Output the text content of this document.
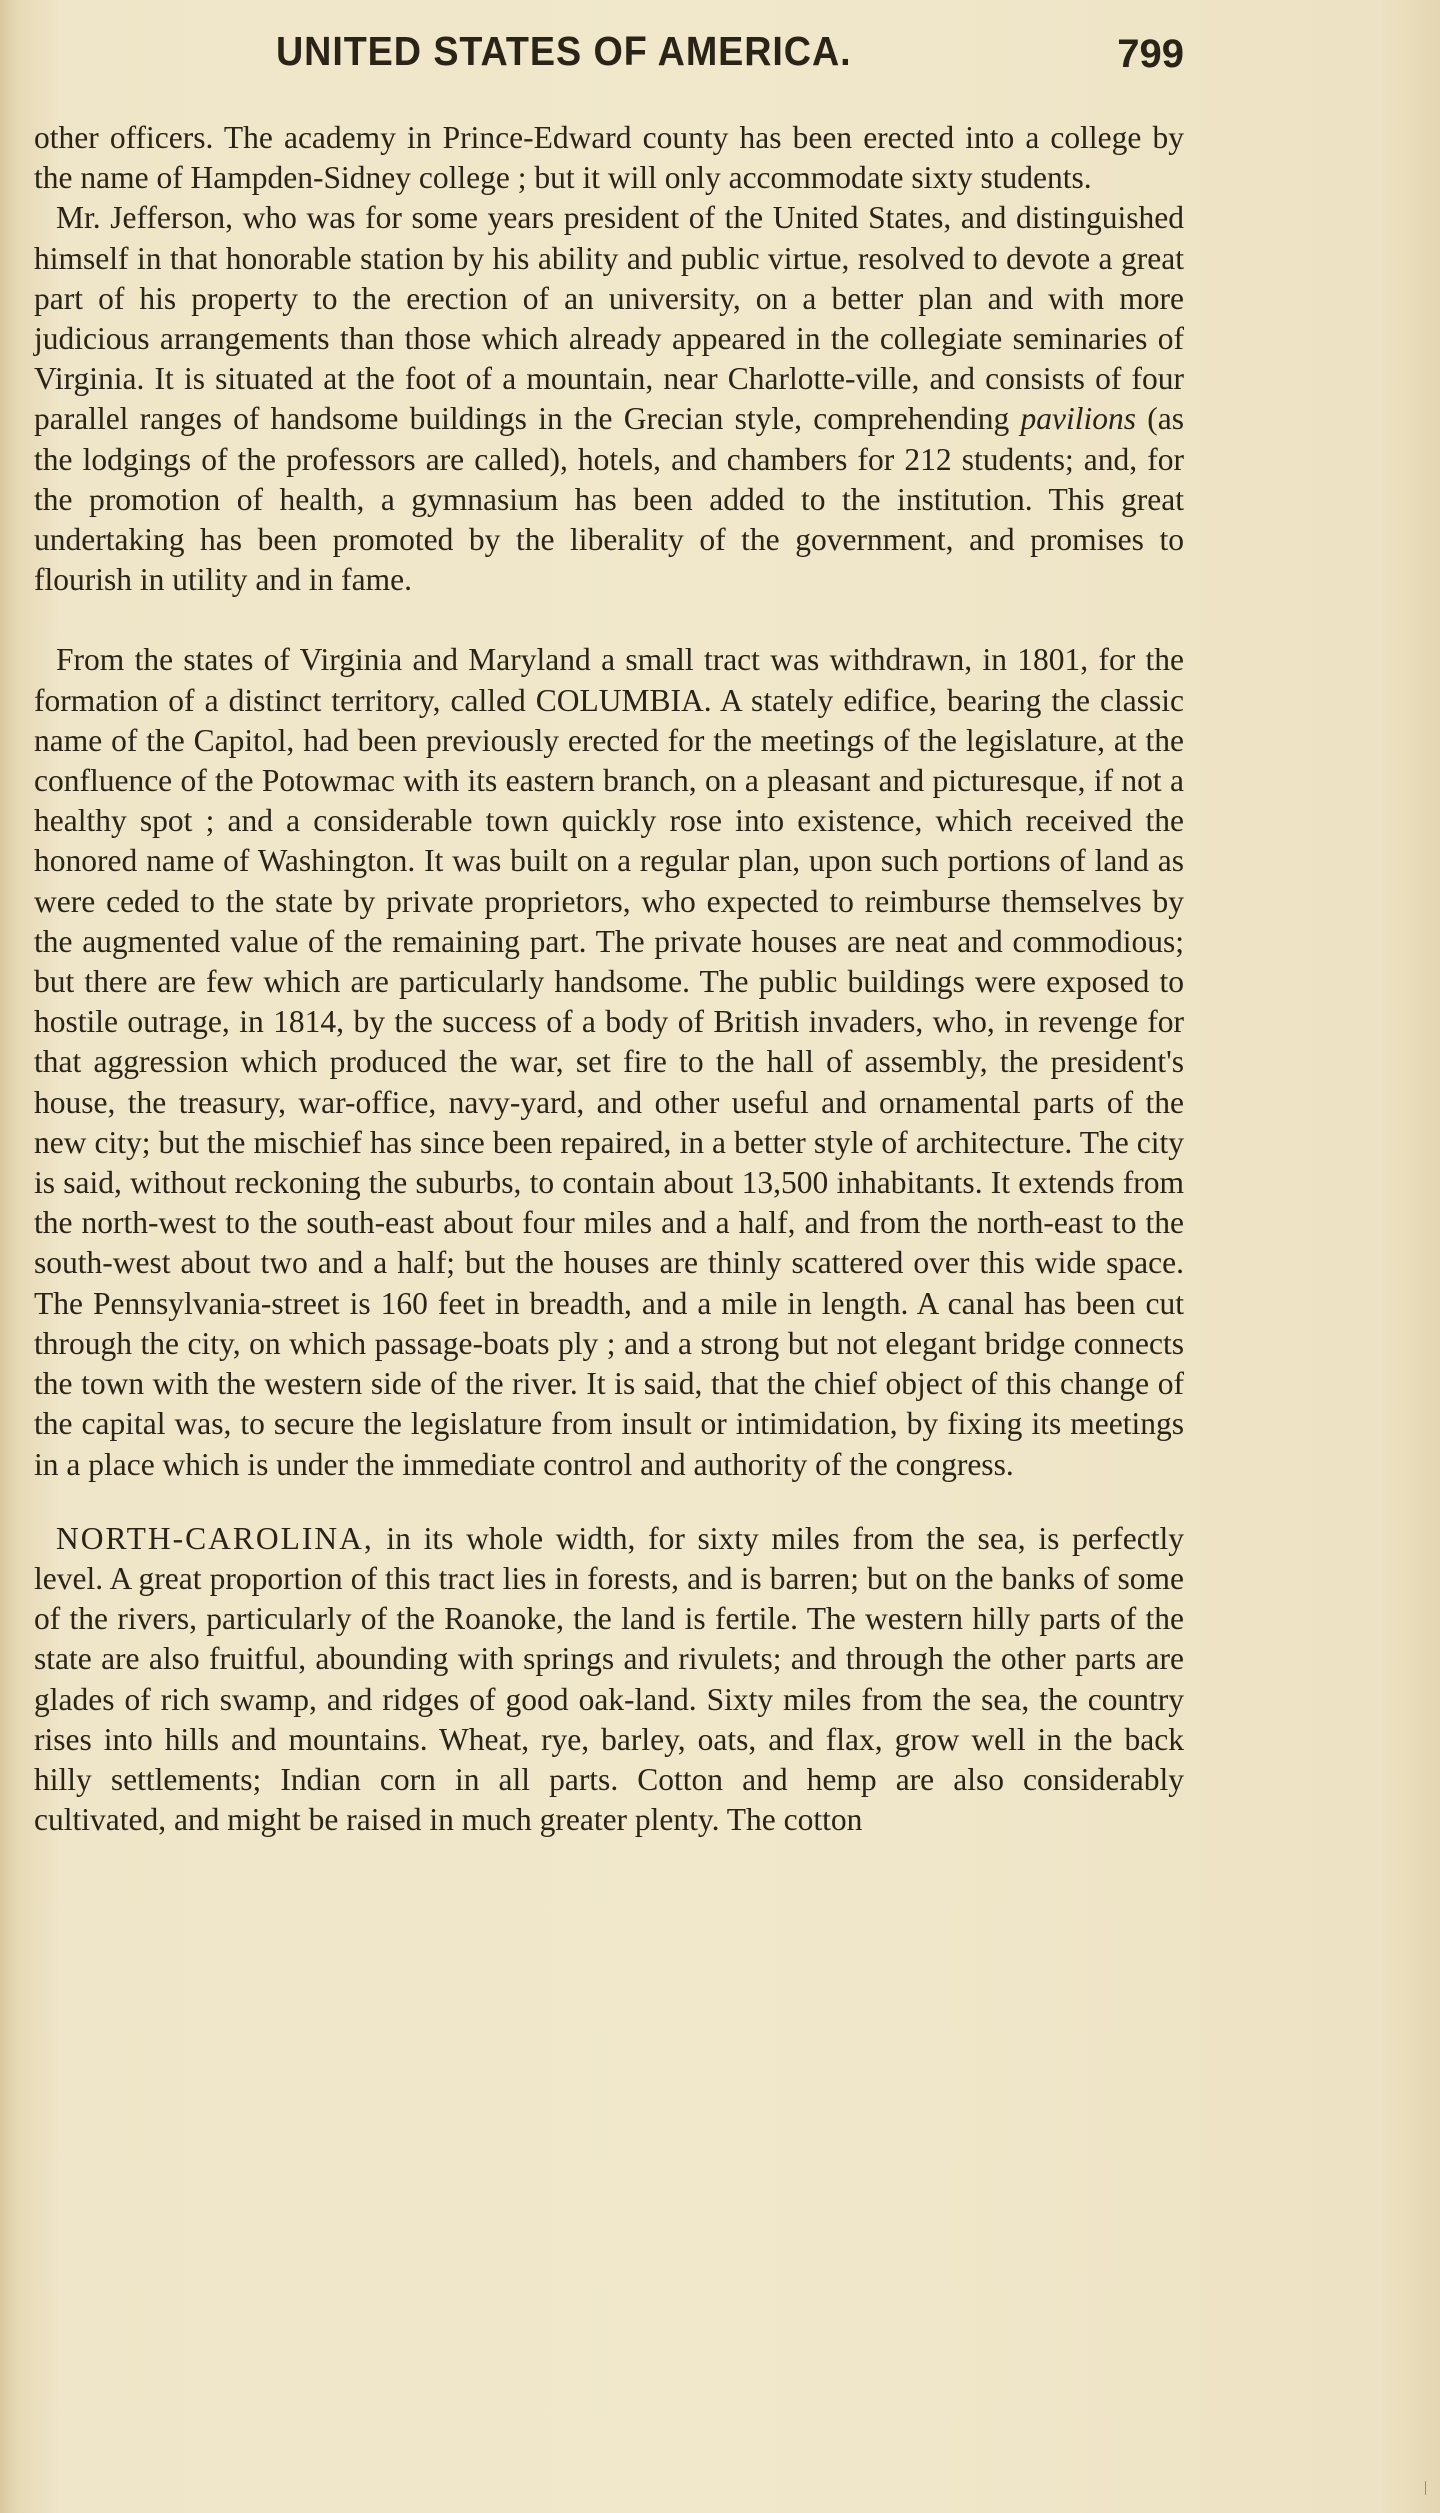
UNITED STATES OF AMERICA.	799

other officers. The academy in Prince-Edward county has been erected into a college by the name of Hampden-Sidney college ; but it will only accommodate sixty students.

Mr. Jefferson, who was for some years president of the United States, and distinguished himself in that honorable station by his ability and public virtue, resolved to devote a great part of his property to the erection of an university, on a better plan and with more judicious arrangements than those which already appeared in the collegiate seminaries of Virginia. It is situated at the foot of a mountain, near Charlotte-ville, and consists of four parallel ranges of handsome buildings in the Grecian style, comprehending pavilions (as the lodgings of the professors are called), hotels, and chambers for 212 students; and, for the promotion of health, a gymnasium has been added to the institution. This great undertaking has been promoted by the liberality of the government, and promises to flourish in utility and in fame.

From the states of Virginia and Maryland a small tract was withdrawn, in 1801, for the formation of a distinct territory, called COLUMBIA. A stately edifice, bearing the classic name of the Capitol, had been previously erected for the meetings of the legislature, at the confluence of the Potowmac with its eastern branch, on a pleasant and picturesque, if not a healthy spot ; and a considerable town quickly rose into existence, which received the honored name of Washington. It was built on a regular plan, upon such portions of land as were ceded to the state by private proprietors, who expected to reimburse themselves by the augmented value of the remaining part. The private houses are neat and commodious; but there are few which are particularly handsome. The public buildings were exposed to hostile outrage, in 1814, by the success of a body of British invaders, who, in revenge for that aggression which produced the war, set fire to the hall of assembly, the president's house, the treasury, war-office, navy-yard, and other useful and ornamental parts of the new city; but the mischief has since been repaired, in a better style of architecture. The city is said, without reckoning the suburbs, to contain about 13,500 inhabitants. It extends from the north-west to the south-east about four miles and a half, and from the north-east to the south-west about two and a half; but the houses are thinly scattered over this wide space. The Pennsylvania-street is 160 feet in breadth, and a mile in length. A canal has been cut through the city, on which passage-boats ply ; and a strong but not elegant bridge connects the town with the western side of the river. It is said, that the chief object of this change of the capital was, to secure the legislature from insult or intimidation, by fixing its meetings in a place which is under the immediate control and authority of the congress.

NORTH-CAROLINA, in its whole width, for sixty miles from the sea, is perfectly level. A great proportion of this tract lies in forests, and is barren; but on the banks of some of the rivers, particularly of the Roanoke, the land is fertile. The western hilly parts of the state are also fruitful, abounding with springs and rivulets; and through the other parts are glades of rich swamp, and ridges of good oak-land. Sixty miles from the sea, the country rises into hills and mountains. Wheat, rye, barley, oats, and flax, grow well in the back hilly settlements; Indian corn in all parts. Cotton and hemp are also considerably cultivated, and might be raised in much greater plenty. The cotton
